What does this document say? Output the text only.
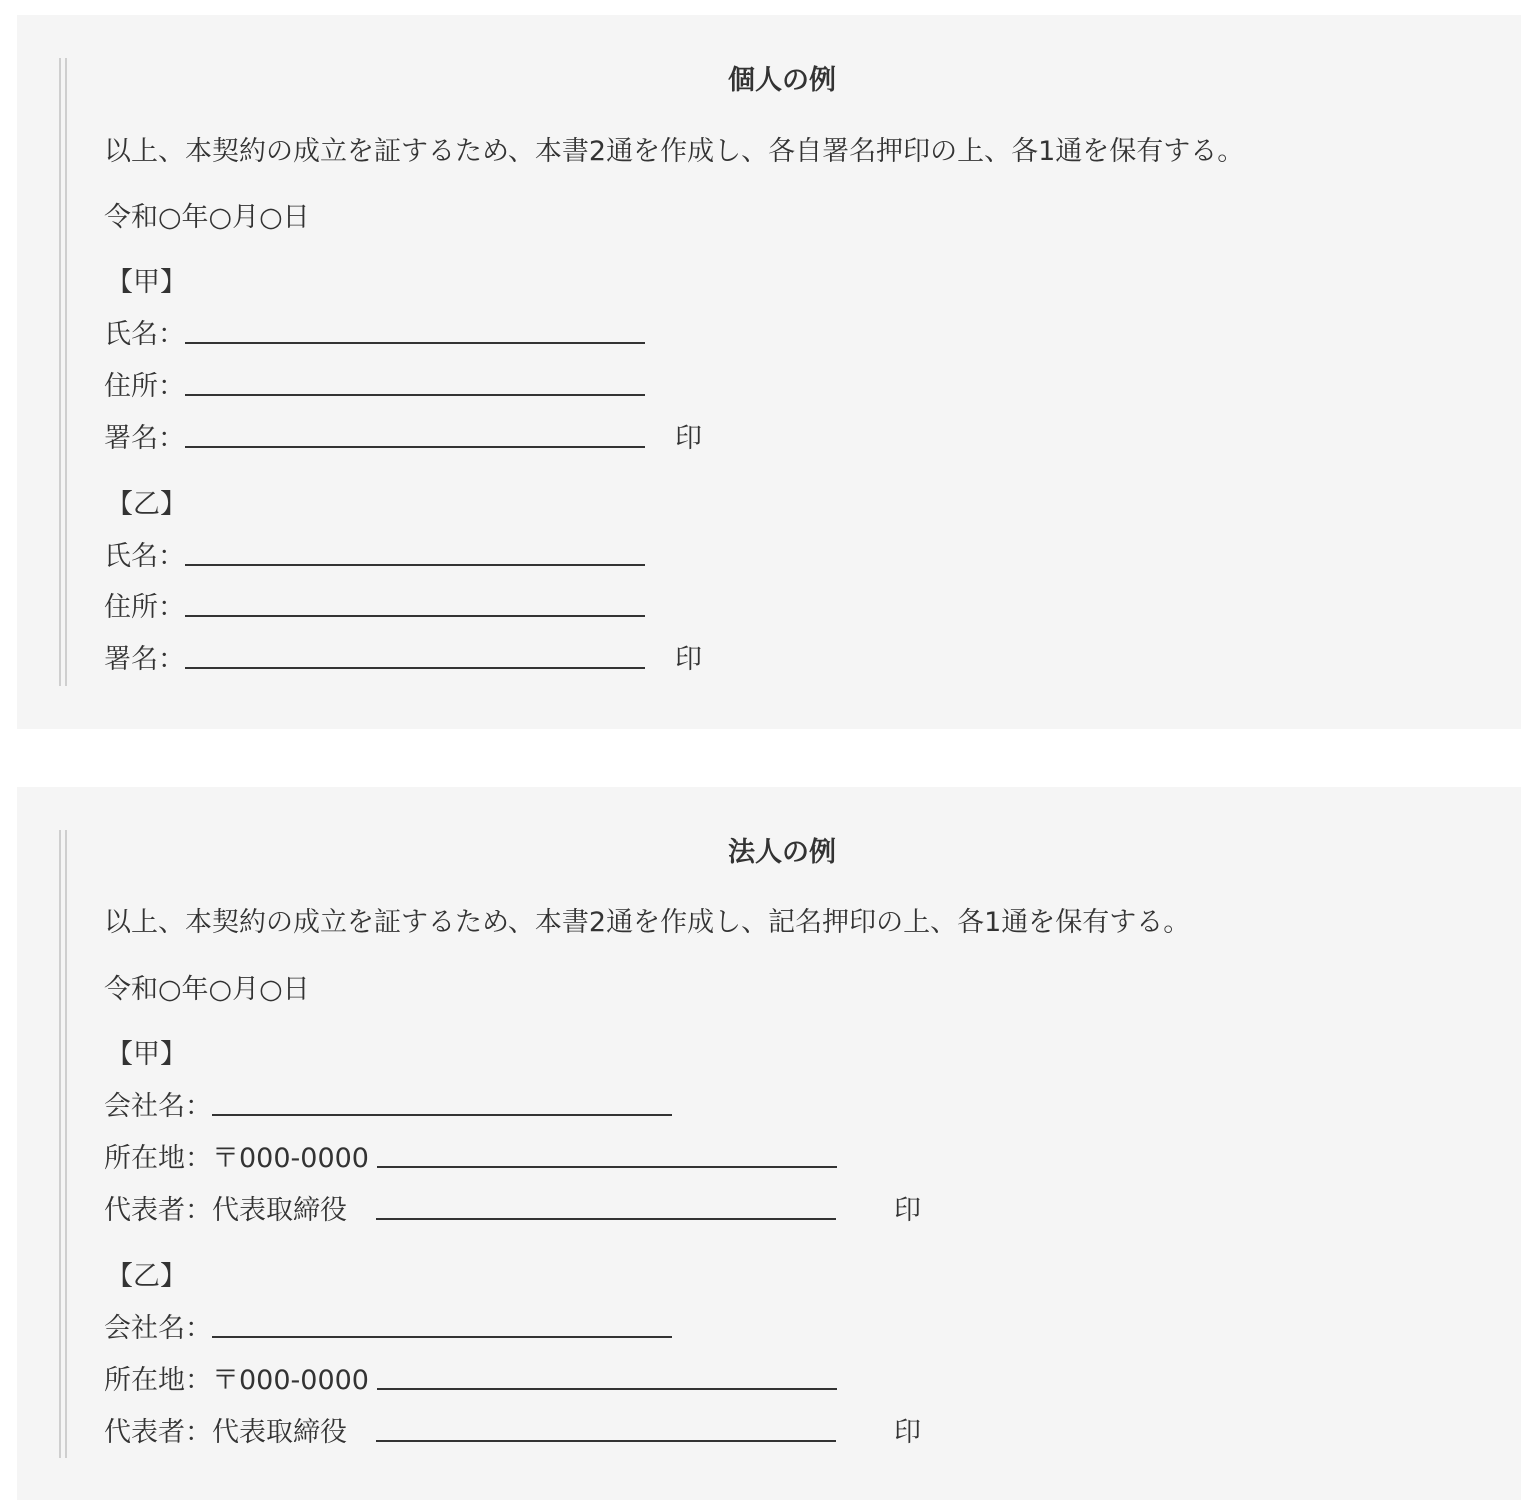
個人の例
以上、本契約の成立を証するため、本書2通を作成し、各自署名押印の上、各1通を保有する。
令和○年○月○日
【甲】
氏名：
住所：
署名：	印
【乙】
氏名：
住所：
署名：	印
法人の例
以上、本契約の成立を証するため、本書2通を作成し、記名押印の上、各1通を保有する。
令和○年○月○日
【甲】
会社名：
所在地：〒000-0000
代表者：代表取締役	印
【乙】
会社名：
所在地：〒000-0000
代表者：代表取締役	印
